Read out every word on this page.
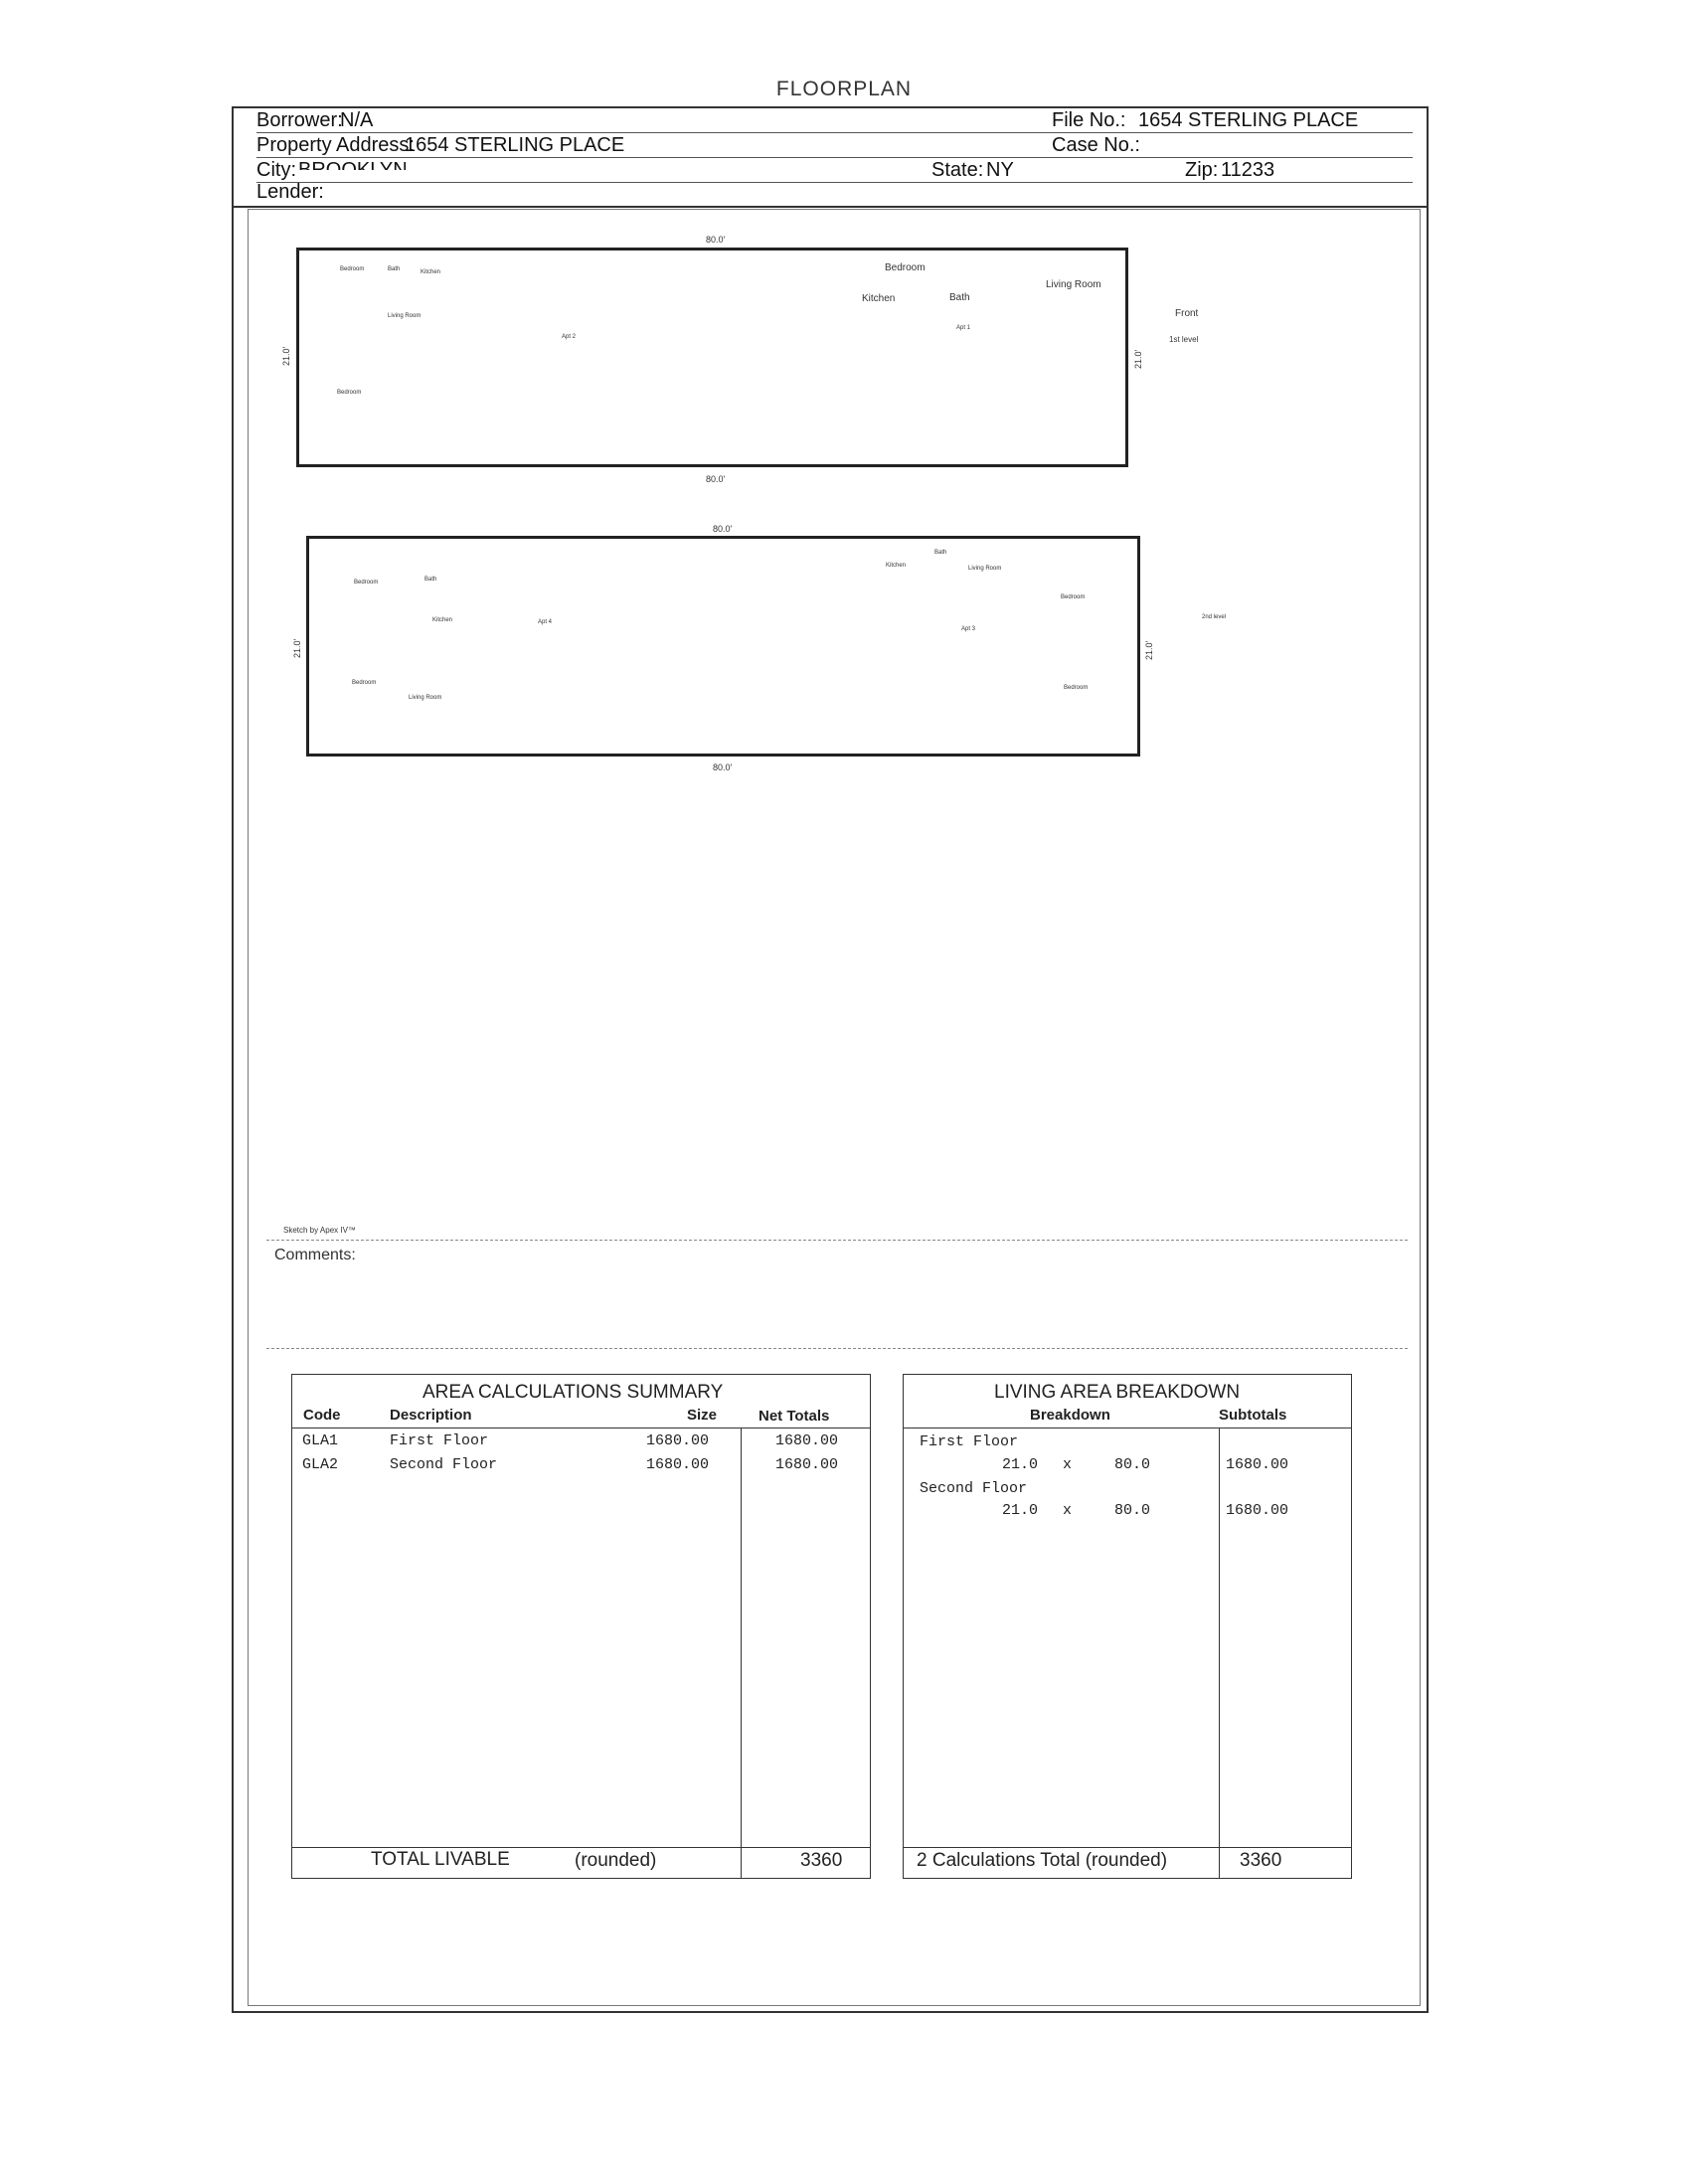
FLOORPLAN
Borrower:
N/A	File No.: 1654 STERLING PLACE
Property Address:
1654 STERLING PLACE	Case No.:
City:	State: NY	Zip: 11233
Lender:
80.0'
80.0'
21.0'	21.0'
Bedroom	Bath	Kitchen
Living Room
Apt 2
Bedroom
Apt 1
Bedroom
Living Room
Kitchen	Bath
Front
1st level
80.0'
80.0'
21.0'	21.0'
Bedroom	Bath
Kitchen	Apt 4
Bedroom
Living Room
Bath
Kitchen	Living Room
Bedroom
Apt 3
Bedroom
2nd level
Sketch by Apex IV™
Comments:
AREA CALCULATIONS SUMMARY
Code	Description	Size	Net Totals
GLA1	First Floor	1680.00	1680.00
GLA2	Second Floor	1680.00	1680.00
TOTAL LIVABLE	(rounded)	3360
LIVING AREA BREAKDOWN
Breakdown	Subtotals
First Floor
21.0 x	80.0	1680.00
Second Floor
21.0 x	80.0	1680.00
2 Calculations Total (rounded)	3360
